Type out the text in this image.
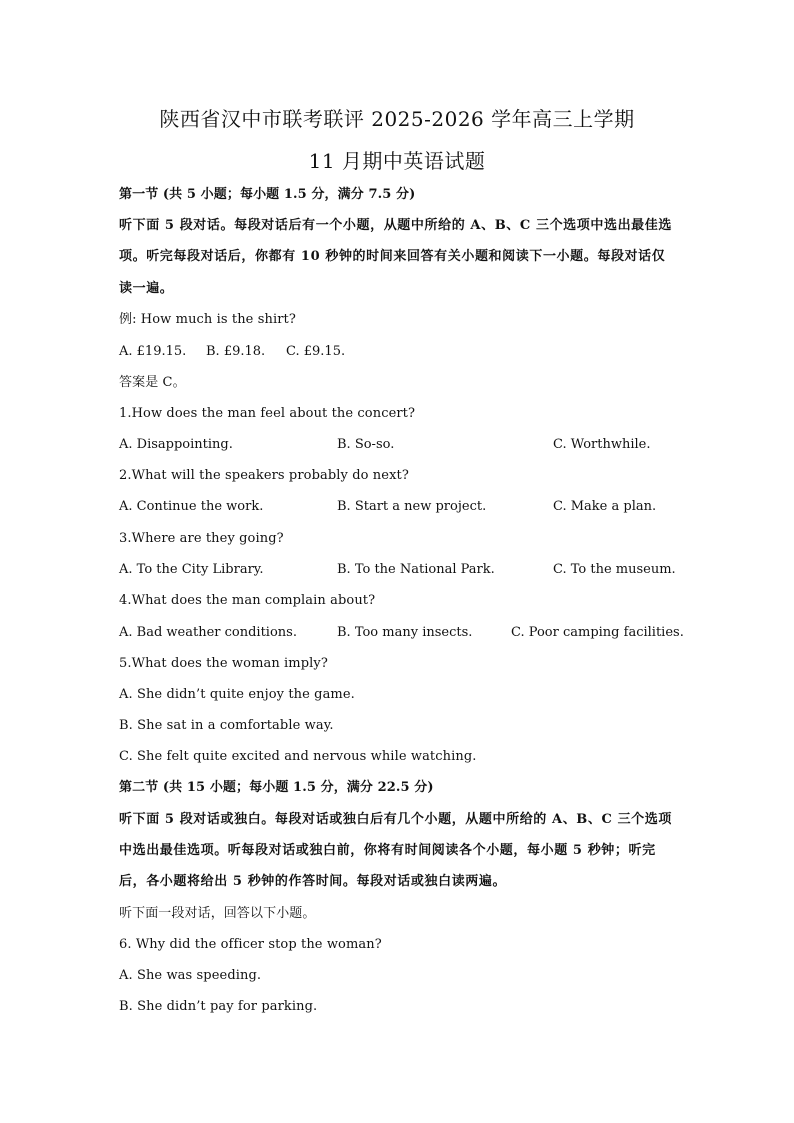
陕西省汉中市联考联评 2025-2026 学年高三上学期
11 月期中英语试题
第一节 (共 5 小题；每小题 1.5 分，满分 7.5 分)
听下面 5 段对话。每段对话后有一个小题，从题中所给的 A、B、C 三个选项中选出最佳选
项。听完每段对话后，你都有 10 秒钟的时间来回答有关小题和阅读下一小题。每段对话仅
读一遍。
例: How much is the shirt?
A. £19.15. B. £9.18. C. £9.15.
答案是 C。
1.How does the man feel about the concert?
A. Disappointing.	B. So-so.	C. Worthwhile.
2.What will the speakers probably do next?
A. Continue the work.	B. Start a new project.	C. Make a plan.
3.Where are they going?
A. To the City Library.	B. To the National Park.	C. To the museum.
4.What does the man complain about?
A. Bad weather conditions.	B. Too many insects.	C. Poor camping facilities.
5.What does the woman imply?
A. She didn’t quite enjoy the game.
B. She sat in a comfortable way.
C. She felt quite excited and nervous while watching.
第二节 (共 15 小题；每小题 1.5 分，满分 22.5 分)
听下面 5 段对话或独白。每段对话或独白后有几个小题，从题中所给的 A、B、C 三个选项
中选出最佳选项。听每段对话或独白前，你将有时间阅读各个小题，每小题 5 秒钟；听完
后，各小题将给出 5 秒钟的作答时间。每段对话或独白读两遍。
听下面一段对话，回答以下小题。
6. Why did the officer stop the woman?
A. She was speeding.
B. She didn’t pay for parking.
